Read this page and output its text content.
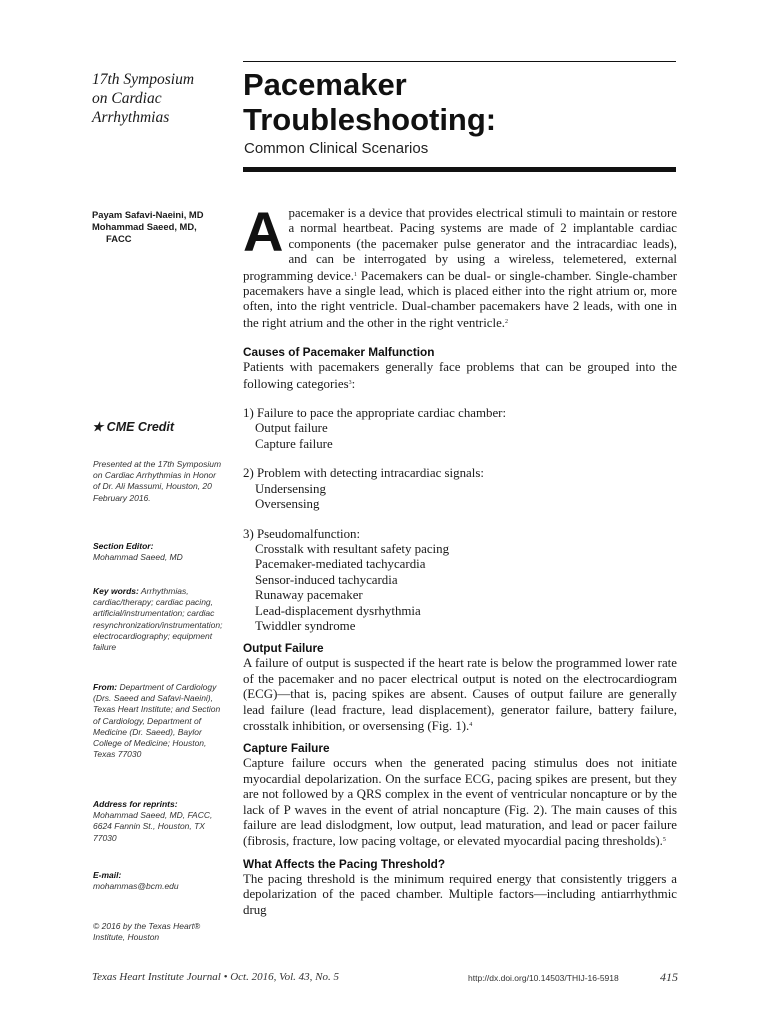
17th Symposium
on Cardiac
Arrhythmias
Pacemaker
Troubleshooting:
Common Clinical Scenarios
Payam Safavi-Naeini, MD
Mohammad Saeed, MD,
FACC
★ CME Credit
Presented at the 17th Symposium on Cardiac Arrhythmias in Honor of Dr. Ali Massumi, Houston, 20 February 2016.
Section Editor:
Mohammad Saeed, MD
Key words: Arrhythmias, cardiac/therapy; cardiac pacing, artificial/instrumentation; cardiac resynchronization/instrumentation; electrocardiography; equipment failure
From: Department of Cardiology (Drs. Saeed and Safavi-Naeini), Texas Heart Institute; and Section of Cardiology, Department of Medicine (Dr. Saeed), Baylor College of Medicine; Houston, Texas 77030
Address for reprints:
Mohammad Saeed, MD, FACC, 6624 Fannin St., Houston, TX 77030
E-mail:
mohammas@bcm.edu
© 2016 by the Texas Heart® Institute, Houston

Apacemaker is a device that provides electrical stimuli to maintain or restore a normal heartbeat. Pacing systems are made of 2 implantable cardiac components (the pacemaker pulse generator and the intracardiac leads), and can be interrogated by using a wireless, telemetered, external programming device.$^1$ Pacemakers can be dual- or single-chamber. Single-chamber pacemakers have a single lead, which is placed either into the right atrium or, more often, into the right ventricle. Dual-chamber pacemakers have 2 leads, with one in the right atrium and the other in the right ventricle.$^2$

Causes of Pacemaker Malfunction

Patients with pacemakers generally face problems that can be grouped into the following categories$^3$:

1) Failure to pace the appropriate cardiac chamber:
Output failure
Capture failure
2) Problem with detecting intracardiac signals:
Undersensing
Oversensing
3) Pseudomalfunction:
Crosstalk with resultant safety pacing
Pacemaker-mediated tachycardia
Sensor-induced tachycardia
Runaway pacemaker
Lead-displacement dysrhythmia
Twiddler syndrome
Output Failure

A failure of output is suspected if the heart rate is below the programmed lower rate of the pacemaker and no pacer electrical output is noted on the electrocardiogram (ECG)—that is, pacing spikes are absent. Causes of output failure are generally lead failure (lead fracture, lead displacement), generator failure, battery failure, crosstalk inhibition, or oversensing (Fig. 1).$^4$

Capture Failure

Capture failure occurs when the generated pacing stimulus does not initiate myocardial depolarization. On the surface ECG, pacing spikes are present, but they are not followed by a QRS complex in the event of ventricular noncapture or by the lack of P waves in the event of atrial noncapture (Fig. 2). The main causes of this failure are lead dislodgment, low output, lead maturation, and lead or pacer failure (fibrosis, fracture, low pacing voltage, or elevated myocardial pacing thresholds).$^5$

What Affects the Pacing Threshold?

The pacing threshold is the minimum required energy that consistently triggers a depolarization of the paced chamber. Multiple factors—including antiarrhythmic drug

Texas Heart Institute Journal • Oct. 2016, Vol. 43, No. 5	http://dx.doi.org/10.14503/THIJ-16-5918	415
